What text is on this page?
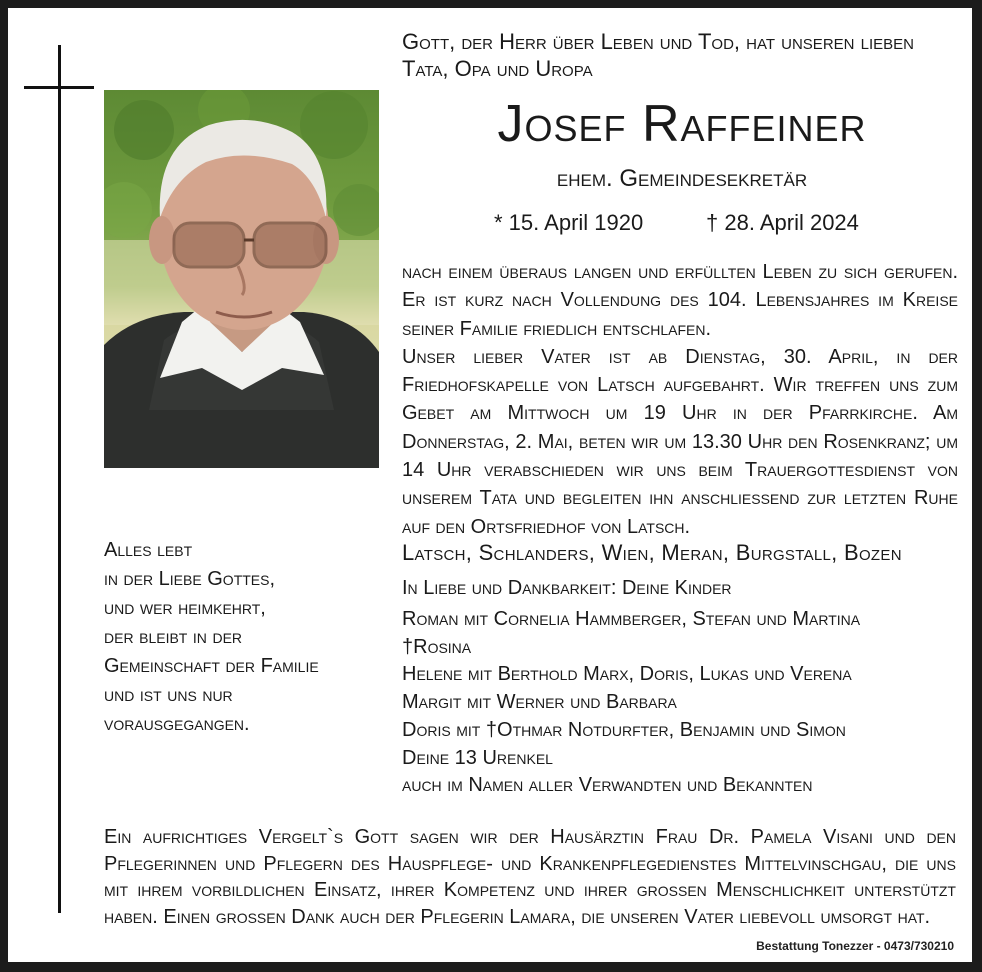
Gott, der Herr über Leben und Tod, hat unseren lieben Tata, Opa und Uropa
Josef Raffeiner
ehem. Gemeindesekretär
* 15. April 1920	† 28. April 2024

nach einem überaus langen und erfüllten Leben zu sich gerufen. Er ist kurz nach Vollendung des 104. Lebensjahres im Kreise seiner Familie friedlich entschlafen.

Unser lieber Vater ist ab Dienstag, 30. April, in der Friedhofskapelle von Latsch aufgebahrt. Wir treffen uns zum Gebet am Mittwoch um 19 Uhr in der Pfarrkirche. Am Donnerstag, 2. Mai, beten wir um 13.30 Uhr den Rosenkranz; um 14 Uhr verabschieden wir uns beim Trauergottesdienst von unserem Tata und begleiten ihn anschliessend zur letzten Ruhe auf den Ortsfriedhof von Latsch.

Latsch, Schlanders, Wien, Meran, Burgstall, Bozen
In Liebe und Dankbarkeit: Deine Kinder
Roman mit Cornelia Hammberger, Stefan und Martina
†Rosina
Helene mit Berthold Marx, Doris, Lukas und Verena
Margit mit Werner und Barbara
Doris mit †Othmar Notdurfter, Benjamin und Simon
Deine 13 Urenkel
auch im Namen aller Verwandten und Bekannten
Alles lebt
in der Liebe Gottes,
und wer heimkehrt,
der bleibt in der
Gemeinschaft der Familie
und ist uns nur
vorausgegangen.
Ein aufrichtiges Vergelt`s Gott sagen wir der Hausärztin Frau Dr. Pamela Visani und den Pflegerinnen und Pflegern des Hauspflege- und Krankenpflegedienstes Mittelvinschgau, die uns mit ihrem vorbildlichen Einsatz, ihrer Kompetenz und ihrer grossen Menschlichkeit unterstützt haben. Einen grossen Dank auch der Pflegerin Lamara, die unseren Vater liebevoll umsorgt hat.
Bestattung Tonezzer - 0473/730210
